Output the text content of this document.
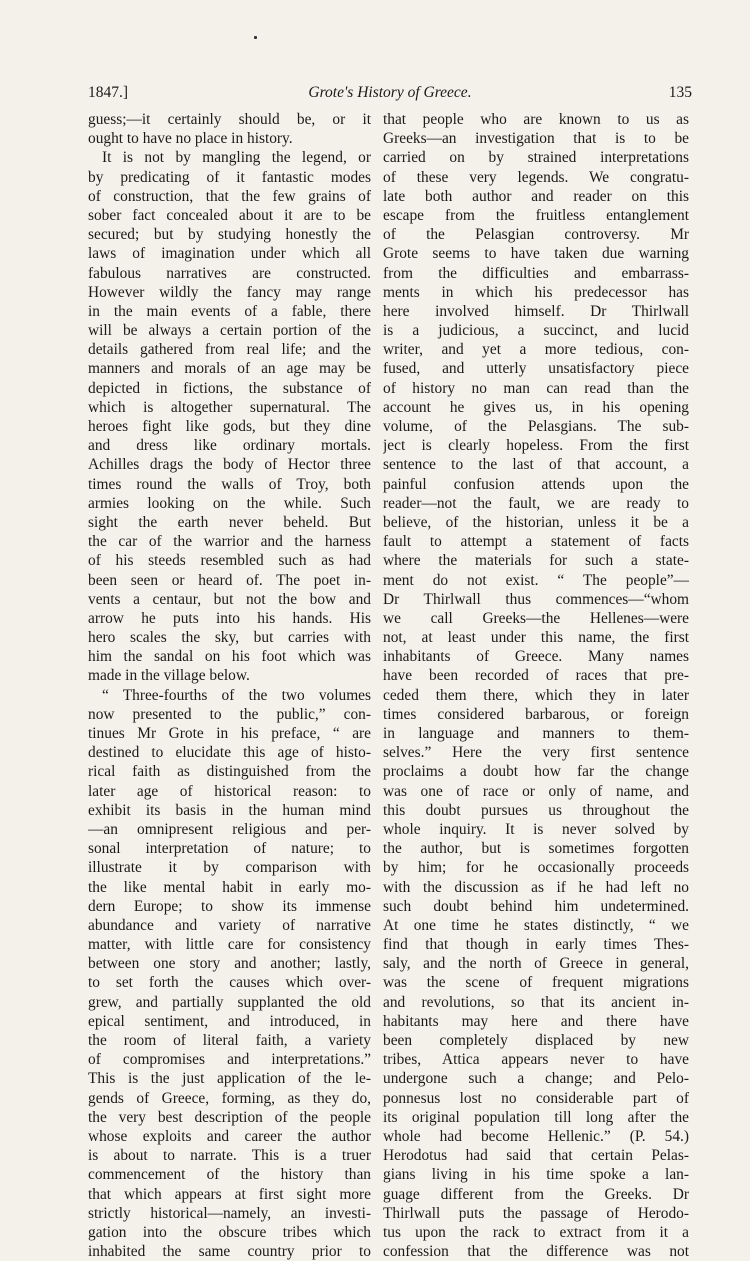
1847.]	Grote's History of Greece.	135
guess;—it certainly should be, or it
ought to have no place in history.
It is not by mangling the legend, or
by predicating of it fantastic modes
of construction, that the few grains of
sober fact concealed about it are to be
secured; but by studying honestly the
laws of imagination under which all
fabulous narratives are constructed.
However wildly the fancy may range
in the main events of a fable, there
will be always a certain portion of the
details gathered from real life; and the
manners and morals of an age may be
depicted in fictions, the substance of
which is altogether supernatural. The
heroes fight like gods, but they dine
and dress like ordinary mortals.
Achilles drags the body of Hector three
times round the walls of Troy, both
armies looking on the while. Such
sight the earth never beheld. But
the car of the warrior and the harness
of his steeds resembled such as had
been seen or heard of. The poet in-
vents a centaur, but not the bow and
arrow he puts into his hands. His
hero scales the sky, but carries with
him the sandal on his foot which was
made in the village below.
“ Three-fourths of the two volumes
now presented to the public,” con-
tinues Mr Grote in his preface, “ are
destined to elucidate this age of histo-
rical faith as distinguished from the
later age of historical reason: to
exhibit its basis in the human mind
—an omnipresent religious and per-
sonal interpretation of nature; to
illustrate it by comparison with
the like mental habit in early mo-
dern Europe; to show its immense
abundance and variety of narrative
matter, with little care for consistency
between one story and another; lastly,
to set forth the causes which over-
grew, and partially supplanted the old
epical sentiment, and introduced, in
the room of literal faith, a variety
of compromises and interpretations.”
This is the just application of the le-
gends of Greece, forming, as they do,
the very best description of the people
whose exploits and career the author
is about to narrate. This is a truer
commencement of the history than
that which appears at first sight more
strictly historical—namely, an investi-
gation into the obscure tribes which
inhabited the same country prior to
that people who are known to us as
Greeks—an investigation that is to be
carried on by strained interpretations
of these very legends. We congratu-
late both author and reader on this
escape from the fruitless entanglement
of the Pelasgian controversy. Mr
Grote seems to have taken due warning
from the difficulties and embarrass-
ments in which his predecessor has
here involved himself. Dr Thirlwall
is a judicious, a succinct, and lucid
writer, and yet a more tedious, con-
fused, and utterly unsatisfactory piece
of history no man can read than the
account he gives us, in his opening
volume, of the Pelasgians. The sub-
ject is clearly hopeless. From the first
sentence to the last of that account, a
painful confusion attends upon the
reader—not the fault, we are ready to
believe, of the historian, unless it be a
fault to attempt a statement of facts
where the materials for such a state-
ment do not exist. “ The people”—
Dr Thirlwall thus commences—“whom
we call Greeks—the Hellenes—were
not, at least under this name, the first
inhabitants of Greece. Many names
have been recorded of races that pre-
ceded them there, which they in later
times considered barbarous, or foreign
in language and manners to them-
selves.” Here the very first sentence
proclaims a doubt how far the change
was one of race or only of name, and
this doubt pursues us throughout the
whole inquiry. It is never solved by
the author, but is sometimes forgotten
by him; for he occasionally proceeds
with the discussion as if he had left no
such doubt behind him undetermined.
At one time he states distinctly, “ we
find that though in early times Thes-
saly, and the north of Greece in general,
was the scene of frequent migrations
and revolutions, so that its ancient in-
habitants may here and there have
been completely displaced by new
tribes, Attica appears never to have
undergone such a change; and Pelo-
ponnesus lost no considerable part of
its original population till long after the
whole had become Hellenic.” (P. 54.)
Herodotus had said that certain Pelas-
gians living in his time spoke a lan-
guage different from the Greeks. Dr
Thirlwall puts the passage of Herodo-
tus upon the rack to extract from it a
confession that the difference was not
